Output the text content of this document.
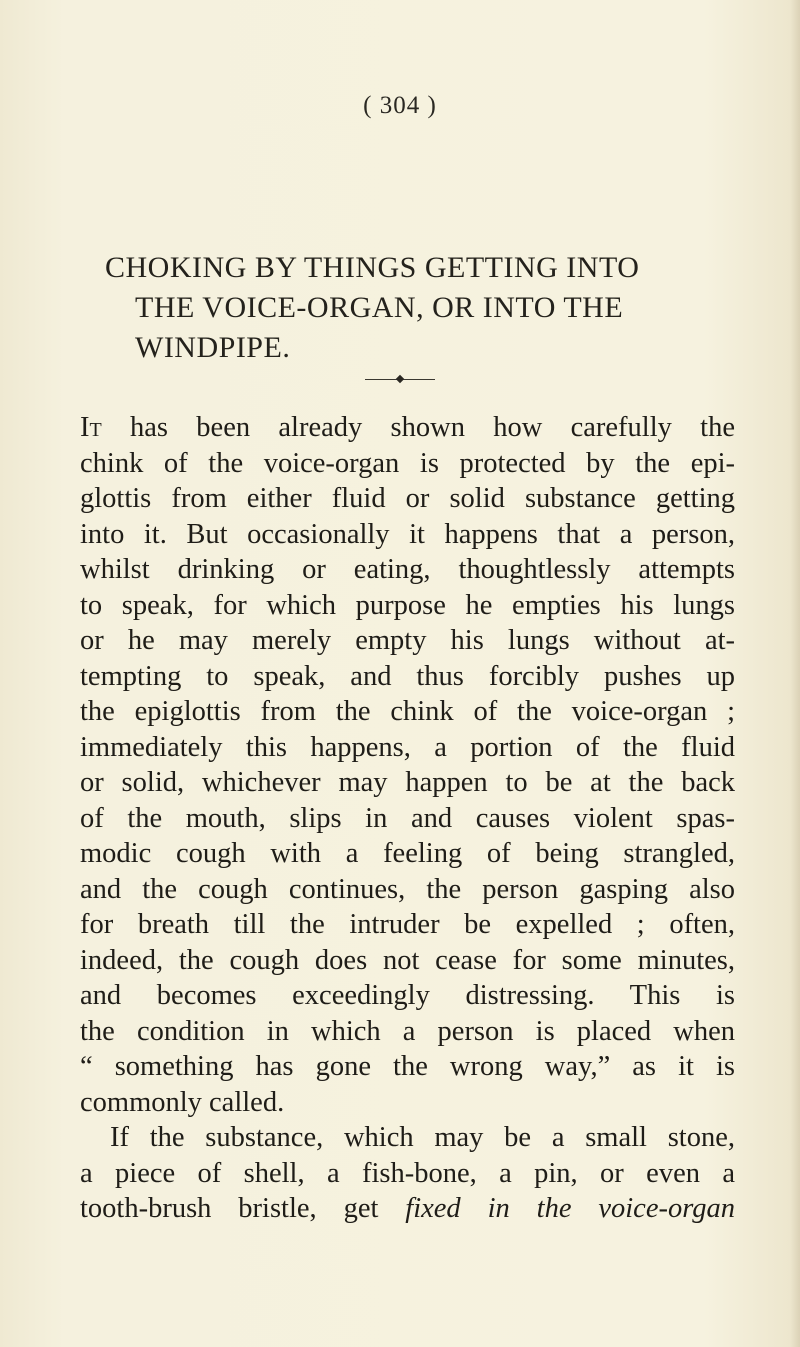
( 304 )
CHOKING BY THINGS GETTING INTO
THE VOICE-ORGAN, OR INTO THE
WINDPIPE.
It has been already shown how carefully the
chink of the voice-organ is protected by the epi-
glottis from either fluid or solid substance getting
into it. But occasionally it happens that a person,
whilst drinking or eating, thoughtlessly attempts
to speak, for which purpose he empties his lungs
or he may merely empty his lungs without at-
tempting to speak, and thus forcibly pushes up
the epiglottis from the chink of the voice-organ ;
immediately this happens, a portion of the fluid
or solid, whichever may happen to be at the back
of the mouth, slips in and causes violent spas-
modic cough with a feeling of being strangled,
and the cough continues, the person gasping also
for breath till the intruder be expelled ; often,
indeed, the cough does not cease for some minutes,
and becomes exceedingly distressing. This is
the condition in which a person is placed when
“ something has gone the wrong way,” as it is
commonly called.
If the substance, which may be a small stone,
a piece of shell, a fish-bone, a pin, or even a
tooth-brush bristle, get fixed in the voice-organ
